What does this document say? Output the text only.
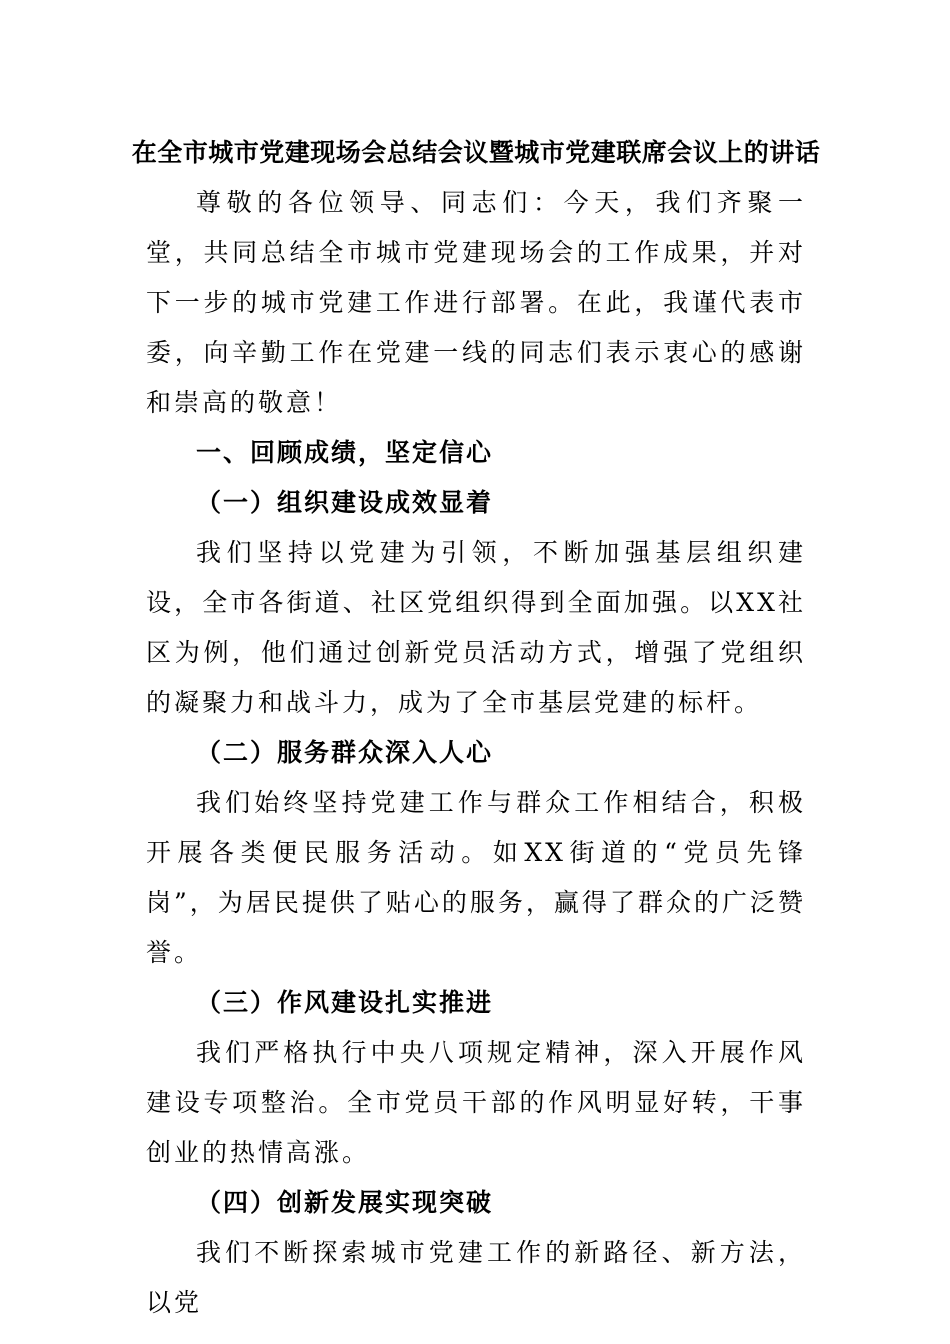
在全市城市党建现场会总结会议暨城市党建联席会议上的讲话

尊敬的各位领导、同志们：今天，我们齐聚一堂，共同总结全市城市党建现场会的工作成果，并对下一步的城市党建工作进行部署。在此，我谨代表市委，向辛勤工作在党建一线的同志们表示衷心的感谢和崇高的敬意！

一、回顾成绩，坚定信心

（一）组织建设成效显着

我们坚持以党建为引领，不断加强基层组织建设，全市各街道、社区党组织得到全面加强。以XX社区为例，他们通过创新党员活动方式，增强了党组织的凝聚力和战斗力，成为了全市基层党建的标杆。

（二）服务群众深入人心

我们始终坚持党建工作与群众工作相结合，积极开展各类便民服务活动。如XX街道的“党员先锋岗”，为居民提供了贴心的服务，赢得了群众的广泛赞誉。

（三）作风建设扎实推进

我们严格执行中央八项规定精神，深入开展作风建设专项整治。全市党员干部的作风明显好转，干事创业的热情高涨。

（四）创新发展实现突破

我们不断探索城市党建工作的新路径、新方法，以党
